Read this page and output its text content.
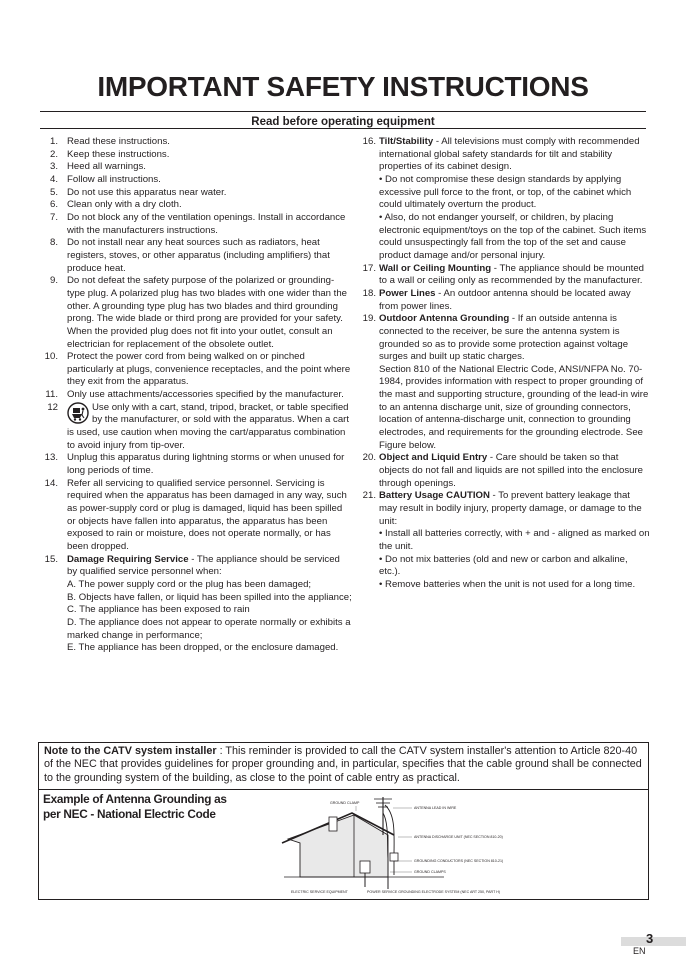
IMPORTANT SAFETY INSTRUCTIONS
Read before operating equipment
1. Read these instructions.
2. Keep these instructions.
3. Heed all warnings.
4. Follow all instructions.
5. Do not use this apparatus near water.
6. Clean only with a dry cloth.
7. Do not block any of the ventilation openings. Install in accordance with the manufacturers instructions.
8. Do not install near any heat sources such as radiators, heat registers, stoves, or other apparatus (including amplifiers) that produce heat.
9. Do not defeat the safety purpose of the polarized or grounding-type plug. A polarized plug has two blades with one wider than the other. A grounding type plug has two blades and third grounding prong. The wide blade or third prong are provided for your safety. When the provided plug does not fit into your outlet, consult an electrician for replacement of the obsolete outlet.
10. Protect the power cord from being walked on or pinched particularly at plugs, convenience receptacles, and the point where they exit from the apparatus.
11. Only use attachments/accessories specified by the manufacturer.
12	Use only with a cart, stand, tripod, bracket, or table specified by the manufacturer, or sold with the apparatus. When a cart is used, use caution when moving the cart/apparatus combination to avoid injury from tip-over.
13. Unplug this apparatus during lightning storms or when unused for long periods of time.
14. Refer all servicing to qualified service personnel. Servicing is required when the apparatus has been damaged in any way, such as power-supply cord or plug is damaged, liquid has been spilled or objects have fallen into apparatus, the apparatus has been exposed to rain or moisture, does not operate normally, or has been dropped.
15. Damage Requiring Service - The appliance should be serviced by qualified service personnel when:
A. The power supply cord or the plug has been damaged;
B. Objects have fallen, or liquid has been spilled into the appliance;
C. The appliance has been exposed to rain
D. The appliance does not appear to operate normally or exhibits a marked change in performance;
E. The appliance has been dropped, or the enclosure damaged.
16. Tilt/Stability - All televisions must comply with recommended international global safety standards for tilt and stability properties of its cabinet design.
• Do not compromise these design standards by applying excessive pull force to the front, or top, of the cabinet which could ultimately overturn the product.
• Also, do not endanger yourself, or children, by placing electronic equipment/toys on the top of the cabinet. Such items could unsuspectingly fall from the top of the set and cause product damage and/or personal injury.
17. Wall or Ceiling Mounting - The appliance should be mounted to a wall or ceiling only as recommended by the manufacturer.
18. Power Lines - An outdoor antenna should be located away from power lines.
19. Outdoor Antenna Grounding - If an outside antenna is connected to the receiver, be sure the antenna system is grounded so as to provide some protection against voltage surges and built up static charges.
Section 810 of the National Electric Code, ANSI/NFPA No. 70-1984, provides information with respect to proper grounding of the mast and supporting structure, grounding of the lead-in wire to an antenna discharge unit, size of grounding connectors, location of antenna-discharge unit, connection to grounding electrodes, and requirements for the grounding electrode. See Figure below.
20. Object and Liquid Entry - Care should be taken so that objects do not fall and liquids are not spilled into the enclosure through openings.
21. Battery Usage CAUTION - To prevent battery leakage that may result in bodily injury, property damage, or damage to the unit:
• Install all batteries correctly, with + and - aligned as marked on the unit.
• Do not mix batteries (old and new or carbon and alkaline, etc.).
• Remove batteries when the unit is not used for a long time.
Note to the CATV system installer : This reminder is provided to call the CATV system installer's attention to Article 820-40 of the NEC that provides guidelines for proper grounding and, in particular, specifies that the cable ground shall be connected to the grounding system of the building, as close to the point of cable entry as practical.
Example of Antenna Grounding as per NEC - National Electric Code
GROUND CLAMP
ANTENNA LEAD IN WIRE
ANTENNA DISCHARGE UNIT (NEC SECTION 810-20)
GROUNDING CONDUCTORS (NEC SECTION 810-21)
GROUND CLAMPS
ELECTRIC SERVICE EQUIPMENT	POWER SERVICE GROUNDING ELECTRODE SYSTEM (NEC ART 250, PART H)
3
EN
